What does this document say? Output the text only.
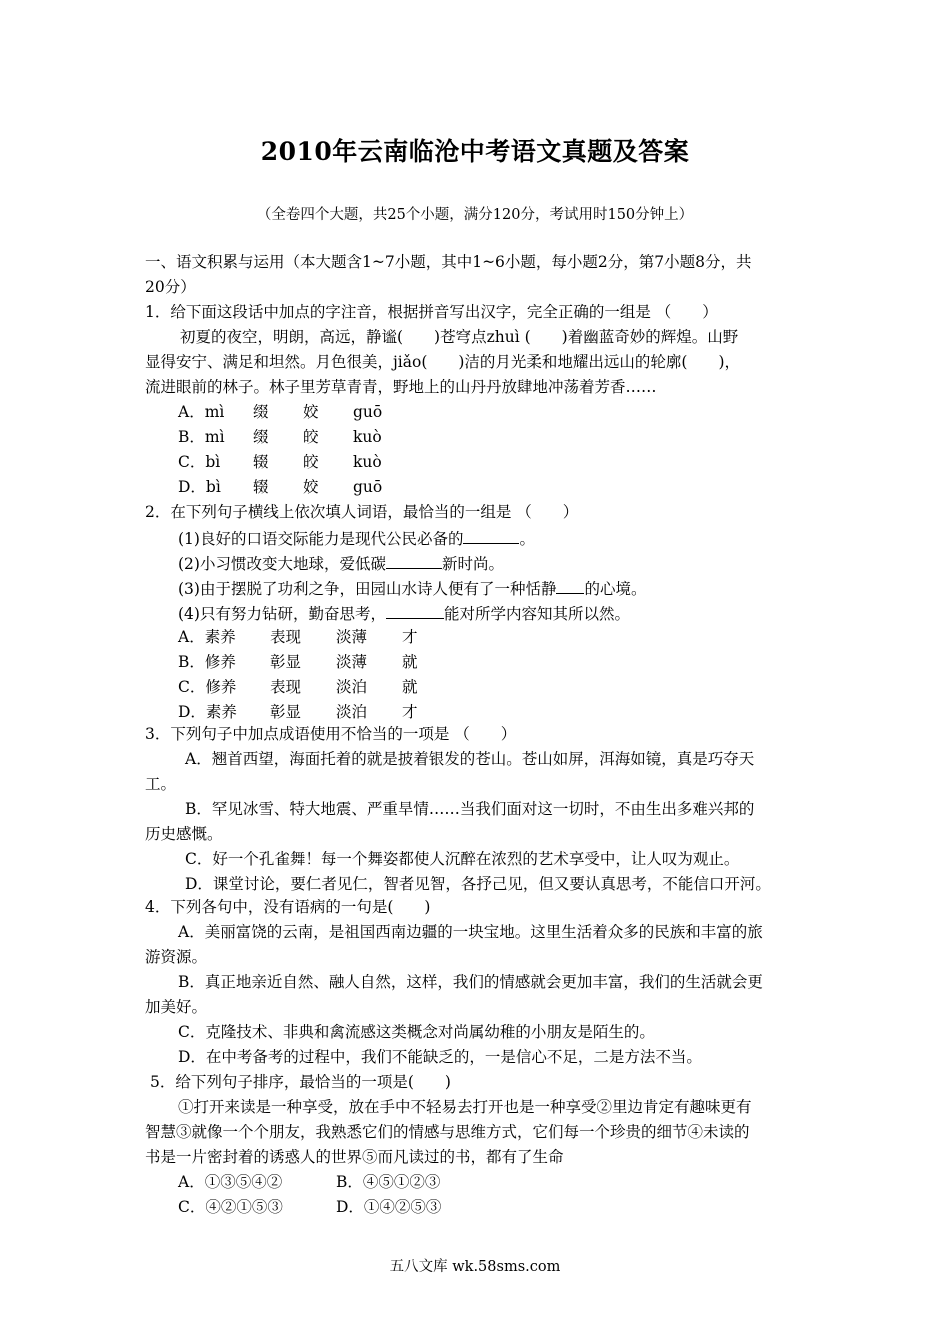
2010年云南临沧中考语文真题及答案
（全卷四个大题，共25个小题，满分120分，考试用时150分钟上）
一、语文积累与运用（本大题含1~7小题，其中1~6小题，每小题2分，第7小题8分，共
20分）
1．给下面这段话中加点的字注音，根据拼音写出汉字，完全正确的一组是 （　　）
初夏的夜空，明朗，高远，静谧(　　)苍穹点zhuì (　　)着幽蓝奇妙的辉煌。山野
显得安宁、满足和坦然。月色很美，jiǎo(　　)洁的月光柔和地耀出远山的轮廓(　　)，
流进眼前的林子。林子里芳草青青，野地上的山丹丹放肆地冲荡着芳香……
A．mì 缀 姣 guō
B．mì 缀 皎 kuò
C．bì 辍 皎 kuò
D．bì 辍 姣 guō
2．在下列句子横线上依次填人词语，最恰当的一组是 （　　）
(1)良好的口语交际能力是现代公民必备的	。
(2)小习惯改变大地球，爱低碳	新时尚。
(3)由于摆脱了功利之争，田园山水诗人便有了一种恬静 的心境。
(4)只有努力钻研，勤奋思考，	能对所学内容知其所以然。
A．素养 表现 淡薄 才
B．修养 彰显 淡薄 就
C．修养 表现 淡泊 就
D．素养 彰显 淡泊 才
3．下列句子中加点成语使用不恰当的一项是 （　　）
A．翘首西望，海面托着的就是披着银发的苍山。苍山如屏，洱海如镜，真是巧夺天
工。
B．罕见冰雪、特大地震、严重旱情……当我们面对这一切时，不由生出多难兴邦的
历史感慨。
C．好一个孔雀舞！每一个舞姿都使人沉醉在浓烈的艺术享受中，让人叹为观止。
D．课堂讨论，要仁者见仁，智者见智，各抒己见，但又要认真思考，不能信口开河。
4．下列各句中，没有语病的一句是(　　)
A．美丽富饶的云南，是祖国西南边疆的一块宝地。这里生活着众多的民族和丰富的旅
游资源。
B．真正地亲近自然、融人自然，这样，我们的情感就会更加丰富，我们的生活就会更
加美好。
C．克隆技术、非典和禽流感这类概念对尚属幼稚的小朋友是陌生的。
D．在中考备考的过程中，我们不能缺乏的，一是信心不足，二是方法不当。
5．给下列句子排序，最恰当的一项是(　　)
①打开来读是一种享受，放在手中不轻易去打开也是一种享受②里边肯定有趣味更有
智慧③就像一个个朋友，我熟悉它们的情感与思维方式，它们每一个珍贵的细节④未读的
书是一片密封着的诱惑人的世界⑤而凡读过的书，都有了生命
A．①③⑤④②	B．④⑤①②③
C．④②①⑤③	D．①④②⑤③
五八文库 wk.58sms.com
